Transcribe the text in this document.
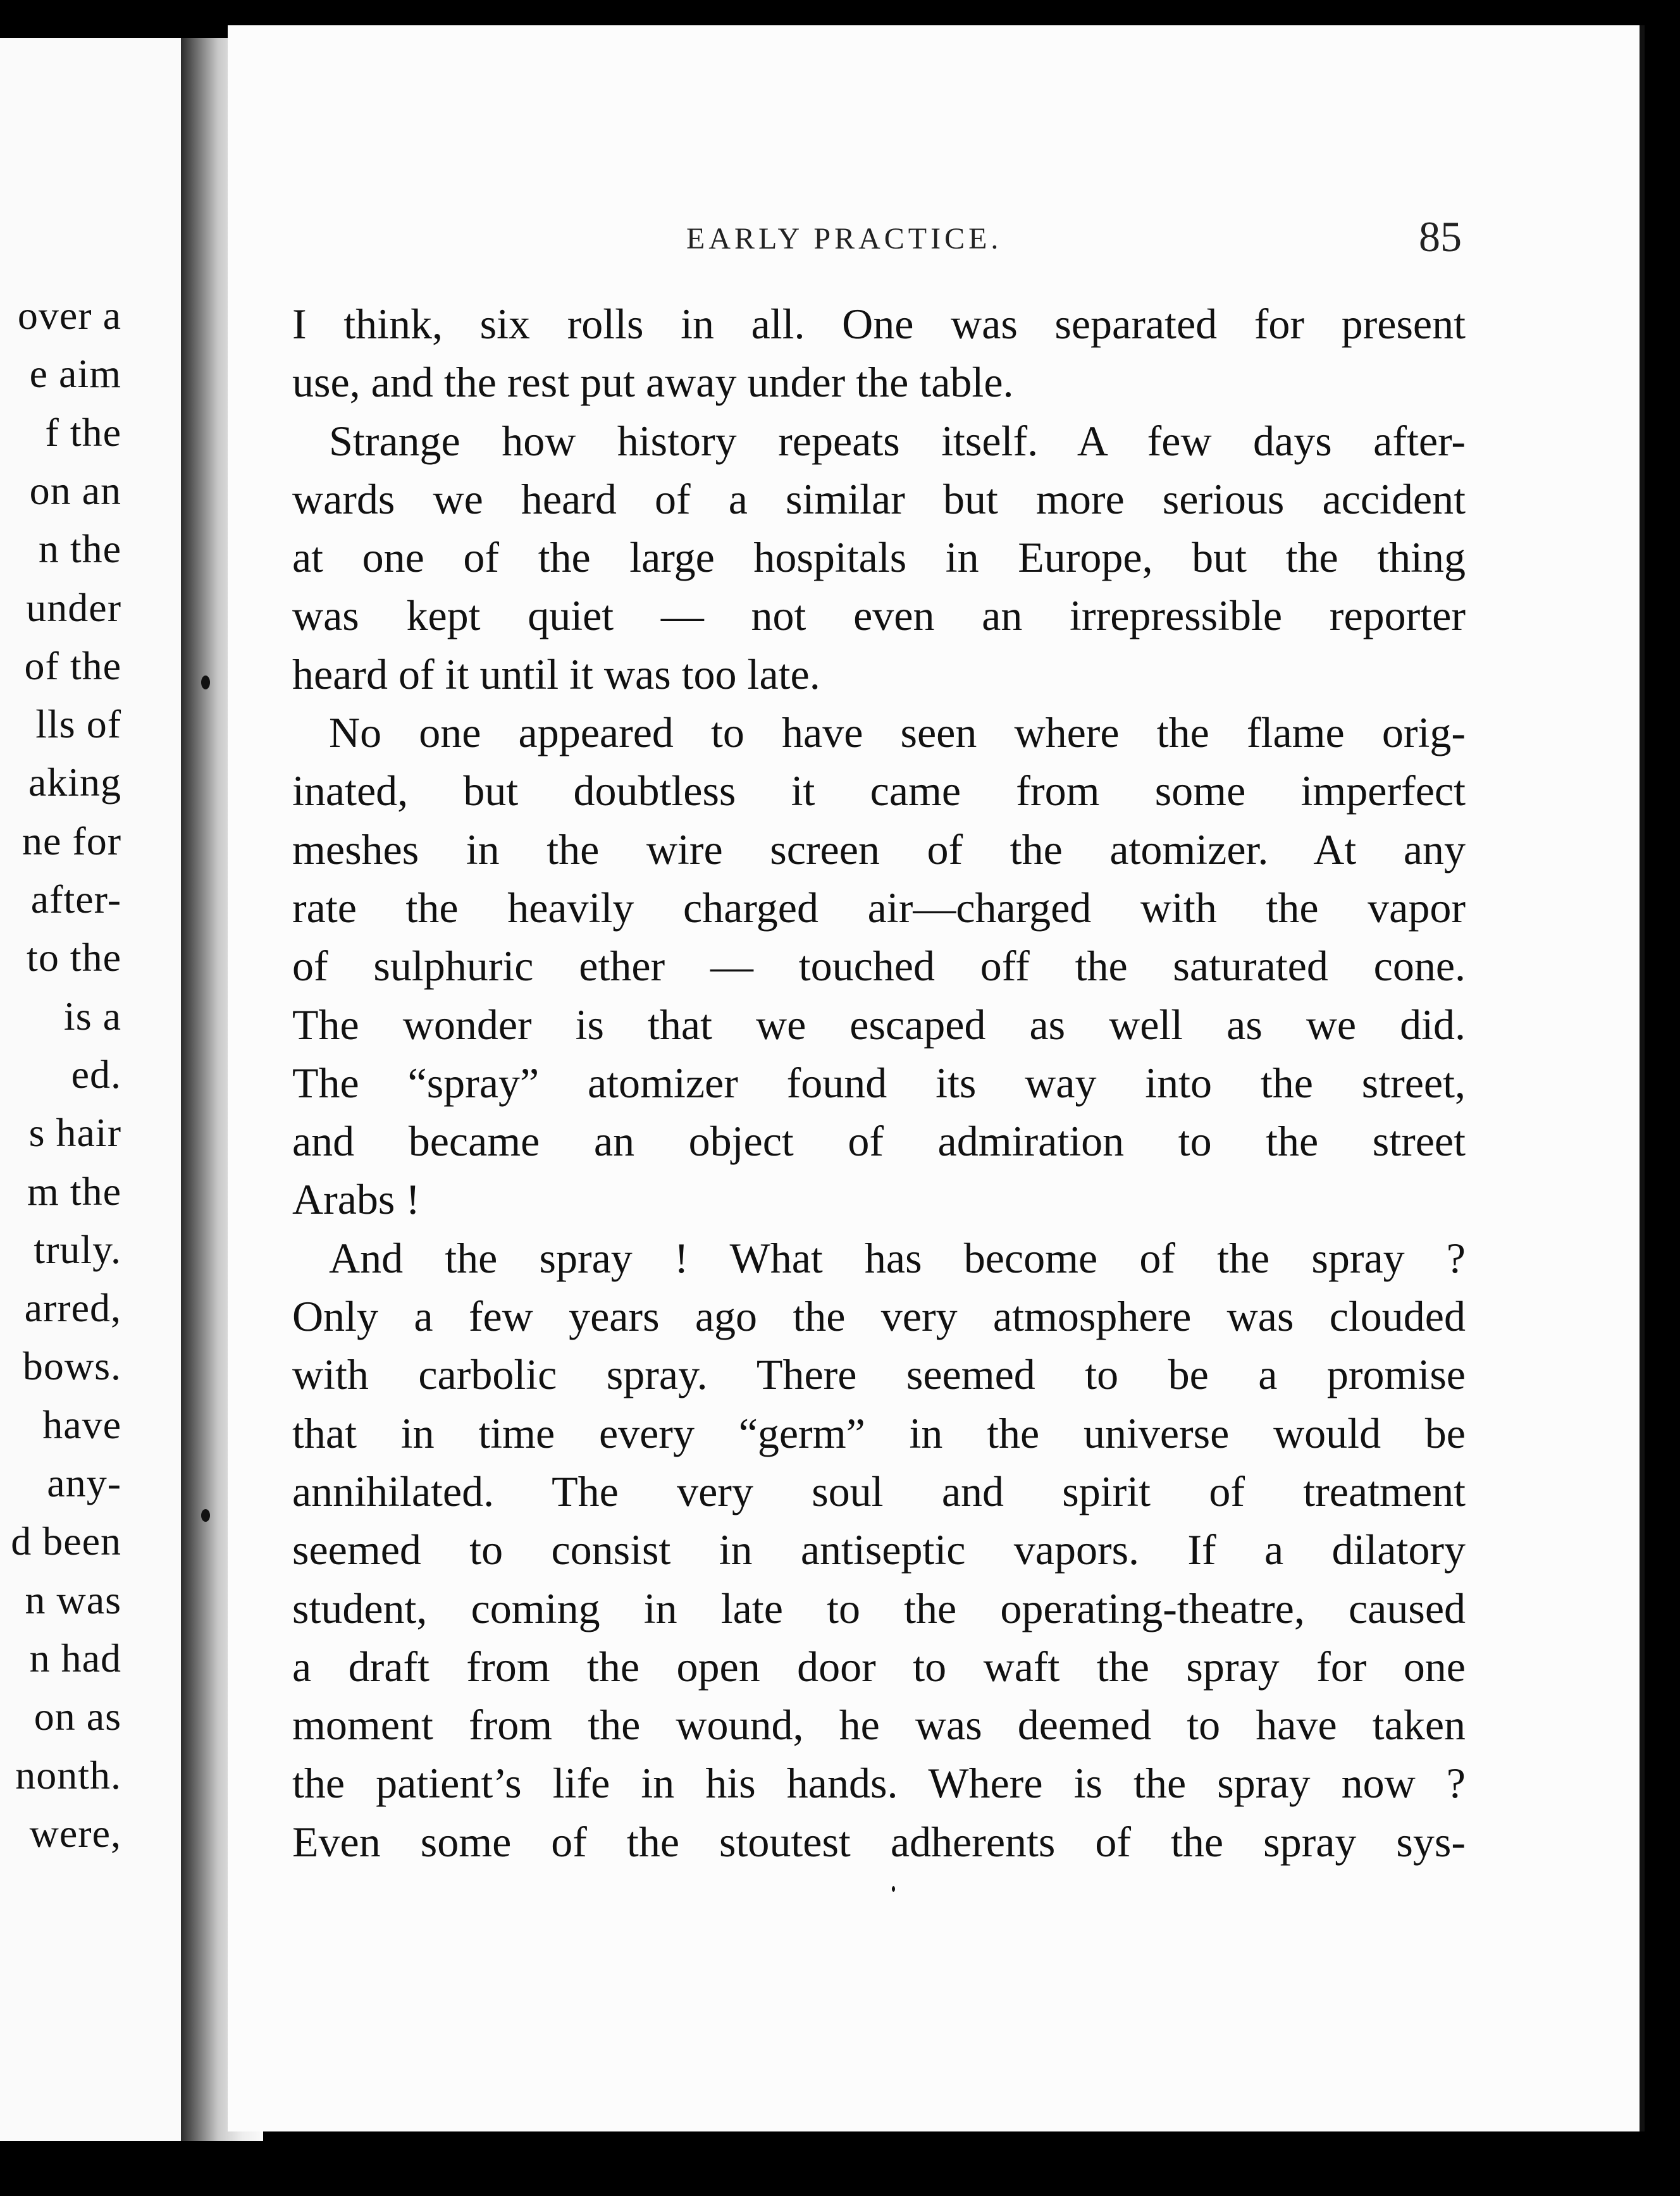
over a
e aim
f the
on an
n the
under
of the
lls of
aking
ne for
after-
to the
is a
ed.
s hair
m the
truly.
arred,
bows.
have
any-
d been
n was
n had
on as
nonth.
were,
EARLY PRACTICE.	85
I think, six rolls in all. One was separated for present
use, and the rest put away under the table.
Strange how history repeats itself. A few days after-
wards we heard of a similar but more serious accident
at one of the large hospitals in Europe, but the thing
was kept quiet — not even an irrepressible reporter
heard of it until it was too late.
No one appeared to have seen where the flame orig-
inated, but doubtless it came from some imperfect
meshes in the wire screen of the atomizer. At any
rate the heavily charged air—charged with the vapor
of sulphuric ether — touched off the saturated cone.
The wonder is that we escaped as well as we did.
The “spray” atomizer found its way into the street,
and became an object of admiration to the street
Arabs !
And the spray ! What has become of the spray ?
Only a few years ago the very atmosphere was clouded
with carbolic spray. There seemed to be a promise
that in time every “germ” in the universe would be
annihilated. The very soul and spirit of treatment
seemed to consist in antiseptic vapors. If a dilatory
student, coming in late to the operating-theatre, caused
a draft from the open door to waft the spray for one
moment from the wound, he was deemed to have taken
the patient’s life in his hands. Where is the spray now ?
Even some of the stoutest adherents of the spray sys-
